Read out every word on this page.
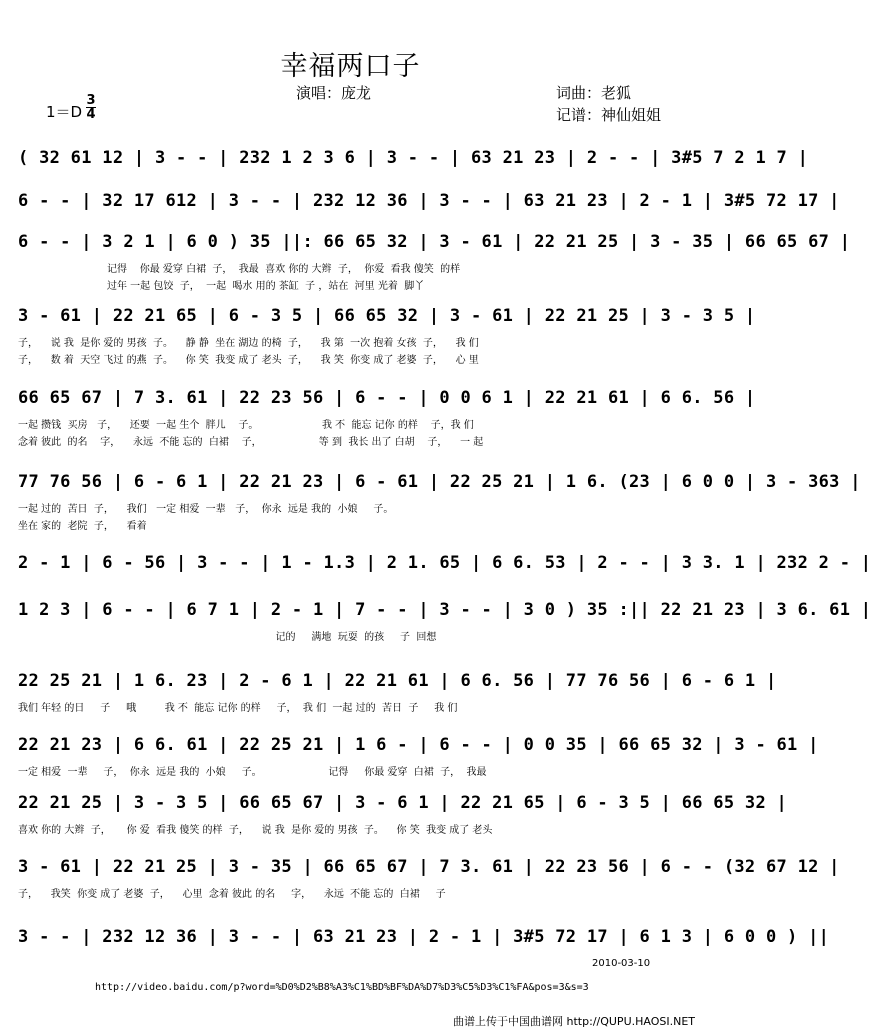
幸福两口子
演唱：庞龙	词曲：老狐
记谱：神仙姐姐
1＝D
3
4
( 32 61 12 | 3 - - | 232 1 2 3 6 | 3 - - | 63 21 23 | 2 - - | 3#5 7 2 1 7 |
6 - - | 32 17 612 | 3 - - | 232 12 36 | 3 - - | 63 21 23 | 2 - 1 | 3#5 72 17 |
6 - - | 3 2 1 | 6 0 ) 35 ||: 66 65 32 | 3 - 61 | 22 21 25 | 3 - 35 | 66 65 67 |
记得    你最 爱穿 白裙  子，  我最  喜欢 你的 大辫  子，  你爱  看我 傻笑  的样
过年 一起 包饺  子，  一起  喝水 用的 茶缸  子 ，站在  河里 光着  脚丫
3 - 61 | 22 21 65 | 6 - 3 5 | 66 65 32 | 3 - 61 | 22 21 25 | 3 - 3 5 |
子，    说 我  是你 爱的 男孩  子。    静 静  坐在 湖边 的椅  子，    我 第  一次 抱着 女孩  子，    我 们
子，    数 着  天空 飞过 的燕  子。    你 笑  我变 成了 老头  子，    我 笑  你变 成了 老婆  子，    心 里
66 65 67 | 7 3. 61 | 22 23 56 | 6 - - | 0 0 6 1 | 22 21 61 | 6 6. 56 |
一起 攒钱  买房   子，    还要  一起 生个  胖儿    子。                    我 不  能忘 记你 的样    子，我 们
念着 彼此  的名    字，    永远  不能 忘的  白裙    子，                  等 到  我长 出了 白胡    子，    一 起
77 76 56 | 6 - 6 1 | 22 21 23 | 6 - 61 | 22 25 21 | 1 6. (23 | 6 0 0 | 3 - 363 |
一起 过的  苦日  子，    我们   一定 相爱  一辈   子，  你永  远是 我的  小娘     子。
坐在 家的  老院  子，    看着
2 - 1 | 6 - 56 | 3 - - | 1 - 1.3 | 2 1. 65 | 6 6. 53 | 2 - - | 3 3. 1 | 232 2 - |
1 2 3 | 6 - - | 6 7 1 | 2 - 1 | 7 - - | 3 - - | 3 0 ) 35 :|| 22 21 23 | 3 6. 61 |
记的     满地  玩耍  的孩     子  回想
22 25 21 | 1 6. 23 | 2 - 6 1 | 22 21 61 | 6 6. 56 | 77 76 56 | 6 - 6 1 |
我们 年轻 的日     子     哦         我 不  能忘 记你 的样     子，  我 们  一起 过的  苦日  子     我 们
22 21 23 | 6 6. 61 | 22 25 21 | 1 6 - | 6 - - | 0 0 35 | 66 65 32 | 3 - 61 |
一定 相爱  一辈     子，  你永  远是 我的  小娘     子。                     记得     你最 爱穿  白裙  子，  我最
22 21 25 | 3 - 3 5 | 66 65 67 | 3 - 6 1 | 22 21 65 | 6 - 3 5 | 66 65 32 |
喜欢 你的 大辫  子，     你 爱  看我 傻笑 的样  子，    说 我  是你 爱的 男孩  子。    你 笑  我变 成了 老头
3 - 61 | 22 21 25 | 3 - 35 | 66 65 67 | 7 3. 61 | 22 23 56 | 6 - - (32 67 12 |
子，    我笑  你变 成了 老婆  子，    心里  念着 彼此 的名     字，    永远  不能 忘的  白裙     子
3 - - | 232 12 36 | 3 - - | 63 21 23 | 2 - 1 | 3#5 72 17 | 6 1 3 | 6 0 0 ) ||
2010-03-10
http://video.baidu.com/p?word=%D0%D2%B8%A3%C1%BD%BF%DA%D7%D3%C5%D3%C1%FA&pos=3&s=3
曲谱上传于中国曲谱网 http://QUPU.HAOSI.NET
